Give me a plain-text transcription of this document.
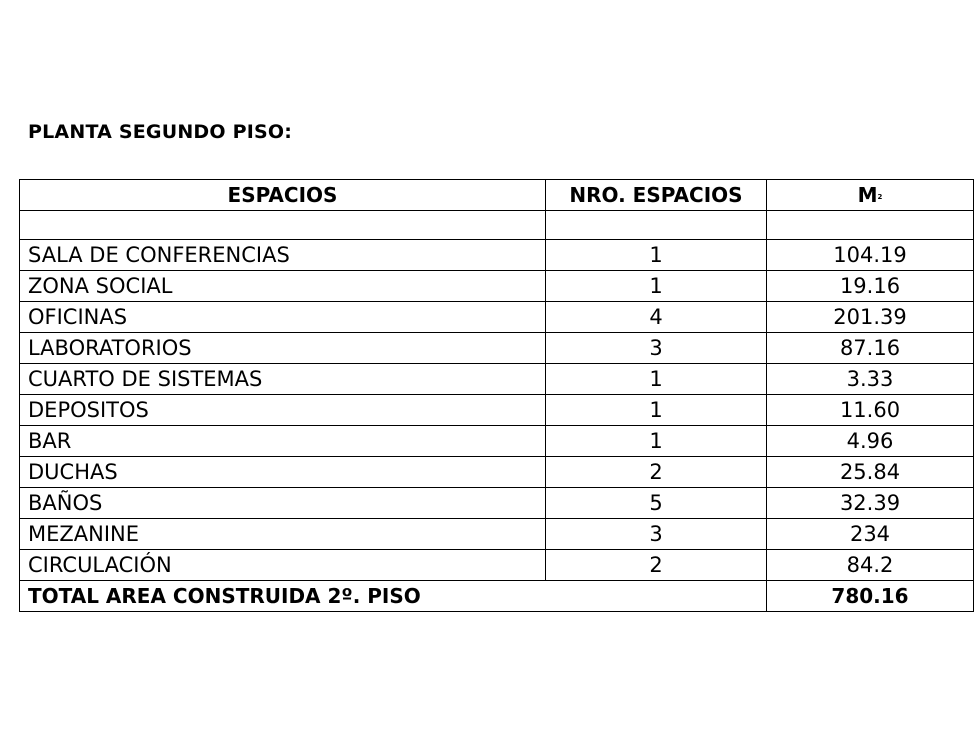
PLANTA SEGUNDO PISO:
ESPACIOS	NRO. ESPACIOS	$M^2$

SALA DE CONFERENCIAS	1	104.19
ZONA SOCIAL	1	19.16
OFICINAS	4	201.39
LABORATORIOS	3	87.16
CUARTO DE SISTEMAS	1	3.33
DEPOSITOS	1	11.60
BAR	1	4.96
DUCHAS	2	25.84
BAÑOS	5	32.39
MEZANINE	3	234
CIRCULACIÓN	2	84.2
TOTAL AREA CONSTRUIDA 2º. PISO		780.16
